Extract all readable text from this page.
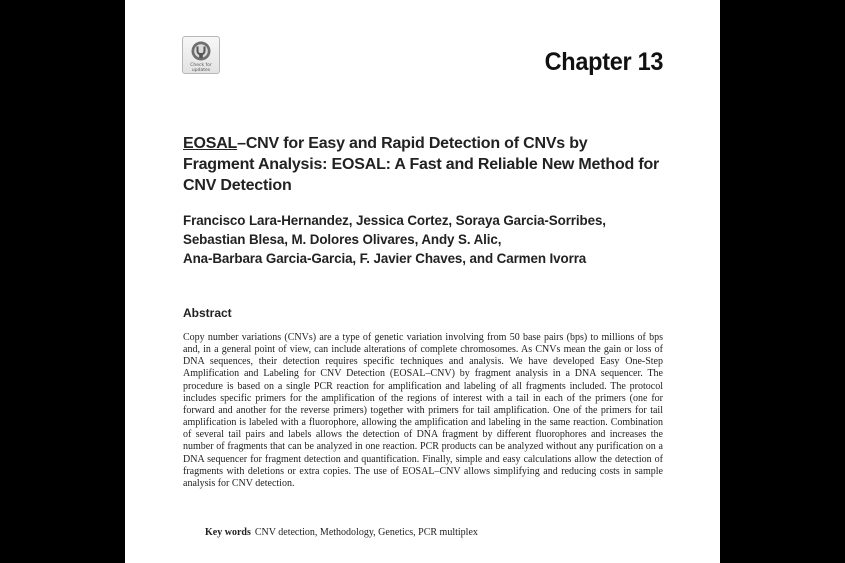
Check for updates	Chapter 13
EOSAL–CNV for Easy and Rapid Detection of CNVs by Fragment Analysis: EOSAL: A Fast and Reliable New Method for CNV Detection
Francisco Lara-Hernandez, Jessica Cortez, Soraya Garcia-Sorribes,
Sebastian Blesa, M. Dolores Olivares, Andy S. Alic,
Ana-Barbara Garcia-Garcia, F. Javier Chaves, and Carmen Ivorra
Abstract
Copy number variations (CNVs) are a type of genetic variation involving from 50 base pairs (bps) to millions of bps and, in a general point of view, can include alterations of complete chromosomes. As CNVs mean the gain or loss of DNA sequences, their detection requires specific techniques and analysis. We have developed Easy One-Step Amplification and Labeling for CNV Detection (EOSAL–CNV) by fragment analysis in a DNA sequencer. The procedure is based on a single PCR reaction for amplification and labeling of all fragments included. The protocol includes specific primers for the amplification of the regions of interest with a tail in each of the primers (one for forward and another for the reverse primers) together with primers for tail amplification. One of the primers for tail amplification is labeled with a fluorophore, allowing the amplification and labeling in the same reaction. Combination of several tail pairs and labels allows the detection of DNA fragment by different fluorophores and increases the number of fragments that can be analyzed in one reaction. PCR products can be analyzed without any purification on a DNA sequencer for fragment detection and quantification. Finally, simple and easy calculations allow the detection of fragments with deletions or extra copies. The use of EOSAL–CNV allows simplifying and reducing costs in sample analysis for CNV detection.
Key words CNV detection, Methodology, Genetics, PCR multiplex
